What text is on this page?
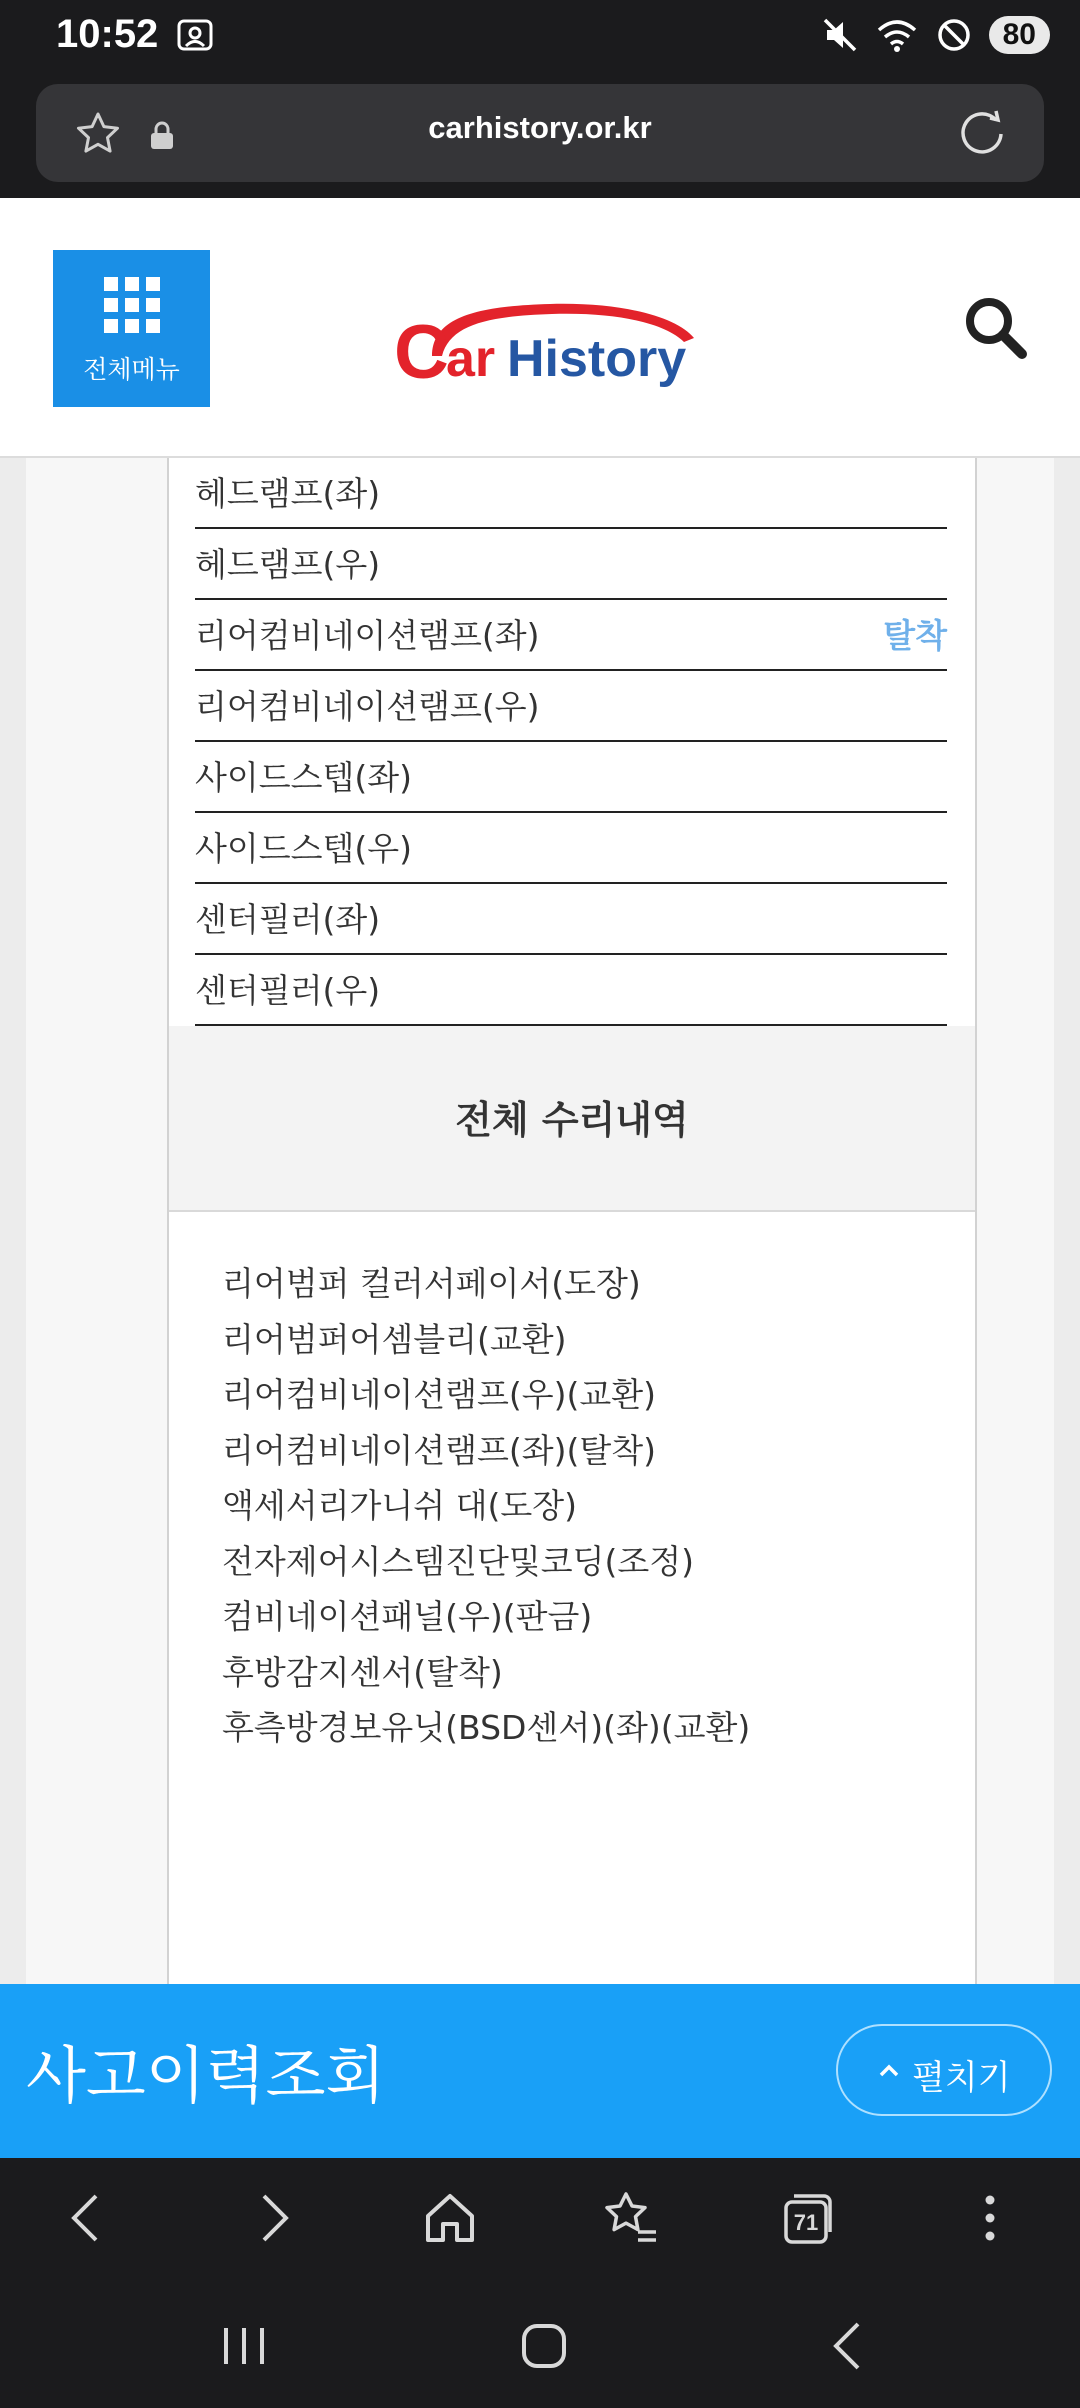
10:52	80
carhistory.or.kr
전체메뉴	C
ar History
헤드램프(좌)
헤드램프(우)
리어컴비네이션램프(좌)	탈착
리어컴비네이션램프(우)
사이드스텝(좌)
사이드스텝(우)
센터필러(좌)
센터필러(우)
전체 수리내역
리어범퍼 컬러서페이서(도장)
리어범퍼어셈블리(교환)
리어컴비네이션램프(우)(교환)
리어컴비네이션램프(좌)(탈착)
액세서리가니쉬 대(도장)
전자제어시스템진단및코딩(조정)
컴비네이션패널(우)(판금)
후방감지센서(탈착)
후측방경보유닛(BSD센서)(좌)(교환)
사고이력조회	펼치기
71
